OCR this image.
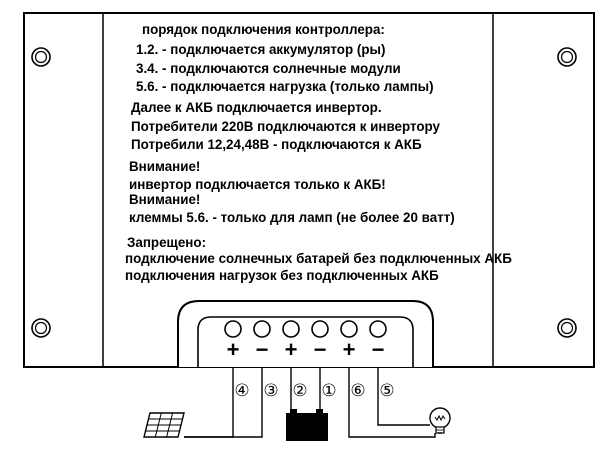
+
④
−
③
+
②
−
①
+
⑥
−
⑤
порядок подключения контроллера:
1.2. - подключается аккумулятор (ры)
3.4. - подключаются солнечные модули
5.6. - подключается нагрузка (только лампы)
Далее к АКБ подключается инвертор.
Потребители 220В подключаются к инвертору
Потребили 12,24,48В - подключаются к АКБ
Внимание!
инвертор подключается только к АКБ!
Внимание!
клеммы 5.6. - только для ламп (не более 20 ватт)
Запрещено:
подключение солнечных батарей без подключенных АКБ
подключения нагрузок без подключенных АКБ
